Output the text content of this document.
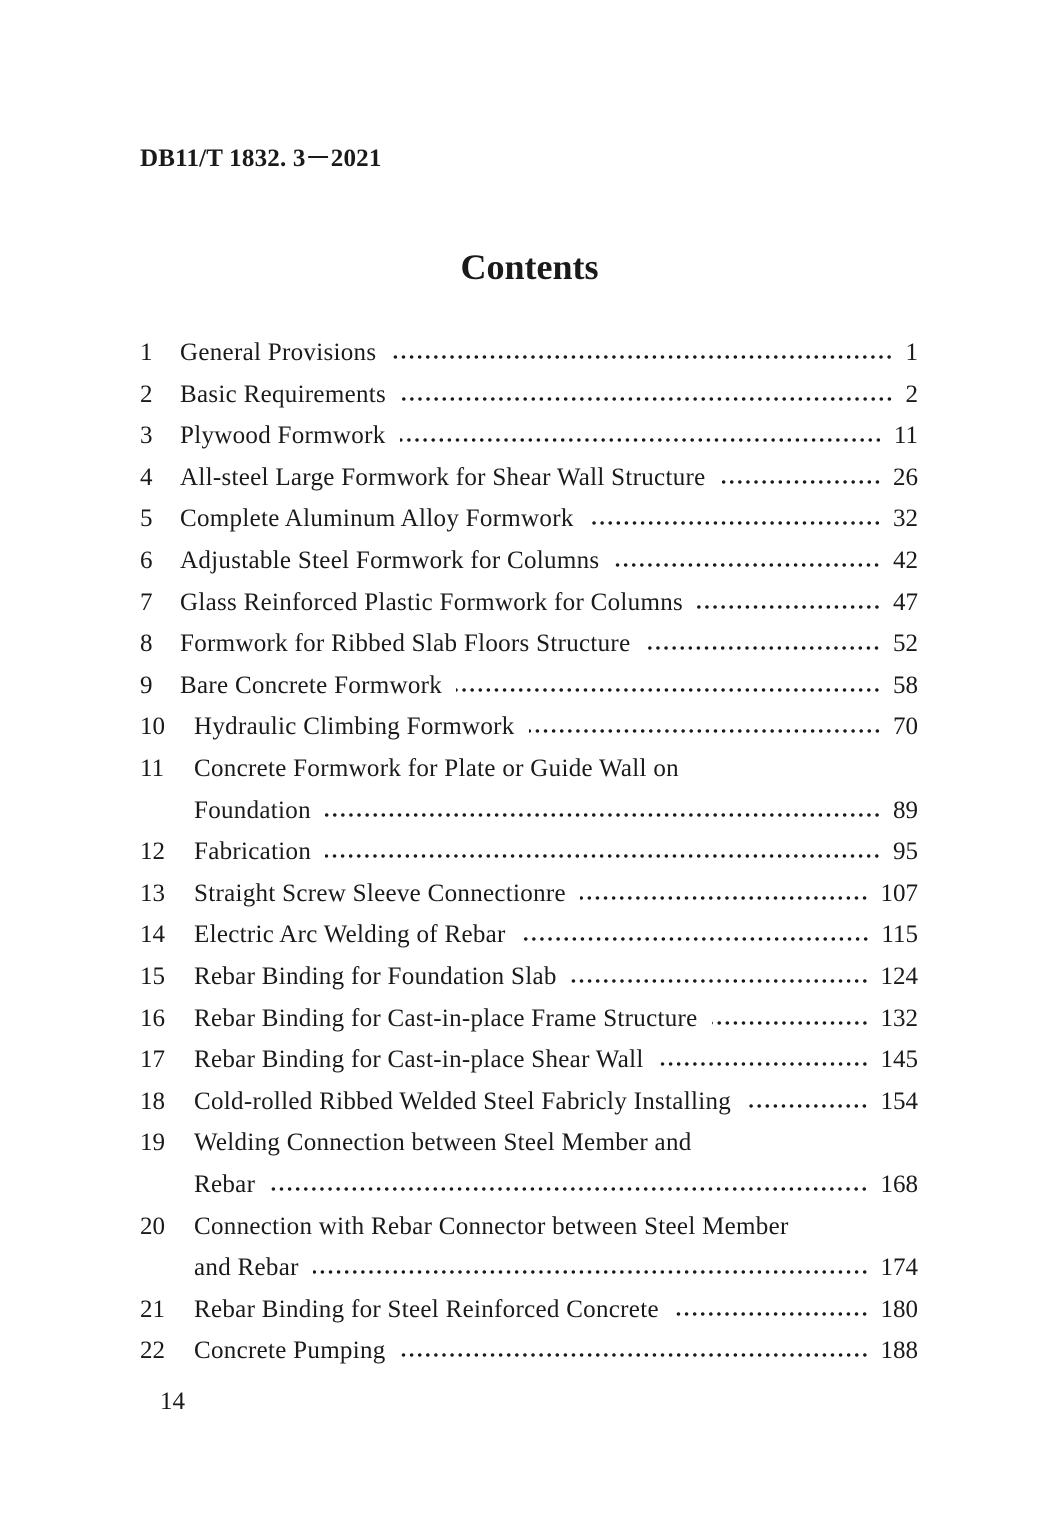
DB11/T 1832. 3－2021
Contents
1	General Provisions	1
2	Basic Requirements	2
3	Plywood Formwork	11
4	All-steel Large Formwork for Shear Wall Structure	26
5	Complete Aluminum Alloy Formwork	32
6	Adjustable Steel Formwork for Columns	42
7	Glass Reinforced Plastic Formwork for Columns	47
8	Formwork for Ribbed Slab Floors Structure	52
9	Bare Concrete Formwork	58
10	Hydraulic Climbing Formwork	70
11	Concrete Formwork for Plate or Guide Wall on
Foundation	89
12	Fabrication	95
13	Straight Screw Sleeve Connectionre	107
14	Electric Arc Welding of Rebar	115
15	Rebar Binding for Foundation Slab	124
16	Rebar Binding for Cast-in-place Frame Structure	132
17	Rebar Binding for Cast-in-place Shear Wall	145
18	Cold-rolled Ribbed Welded Steel Fabricly Installing	154
19	Welding Connection between Steel Member and
Rebar	168
20	Connection with Rebar Connector between Steel Member
and Rebar	174
21	Rebar Binding for Steel Reinforced Concrete	180
22	Concrete Pumping	188
14
